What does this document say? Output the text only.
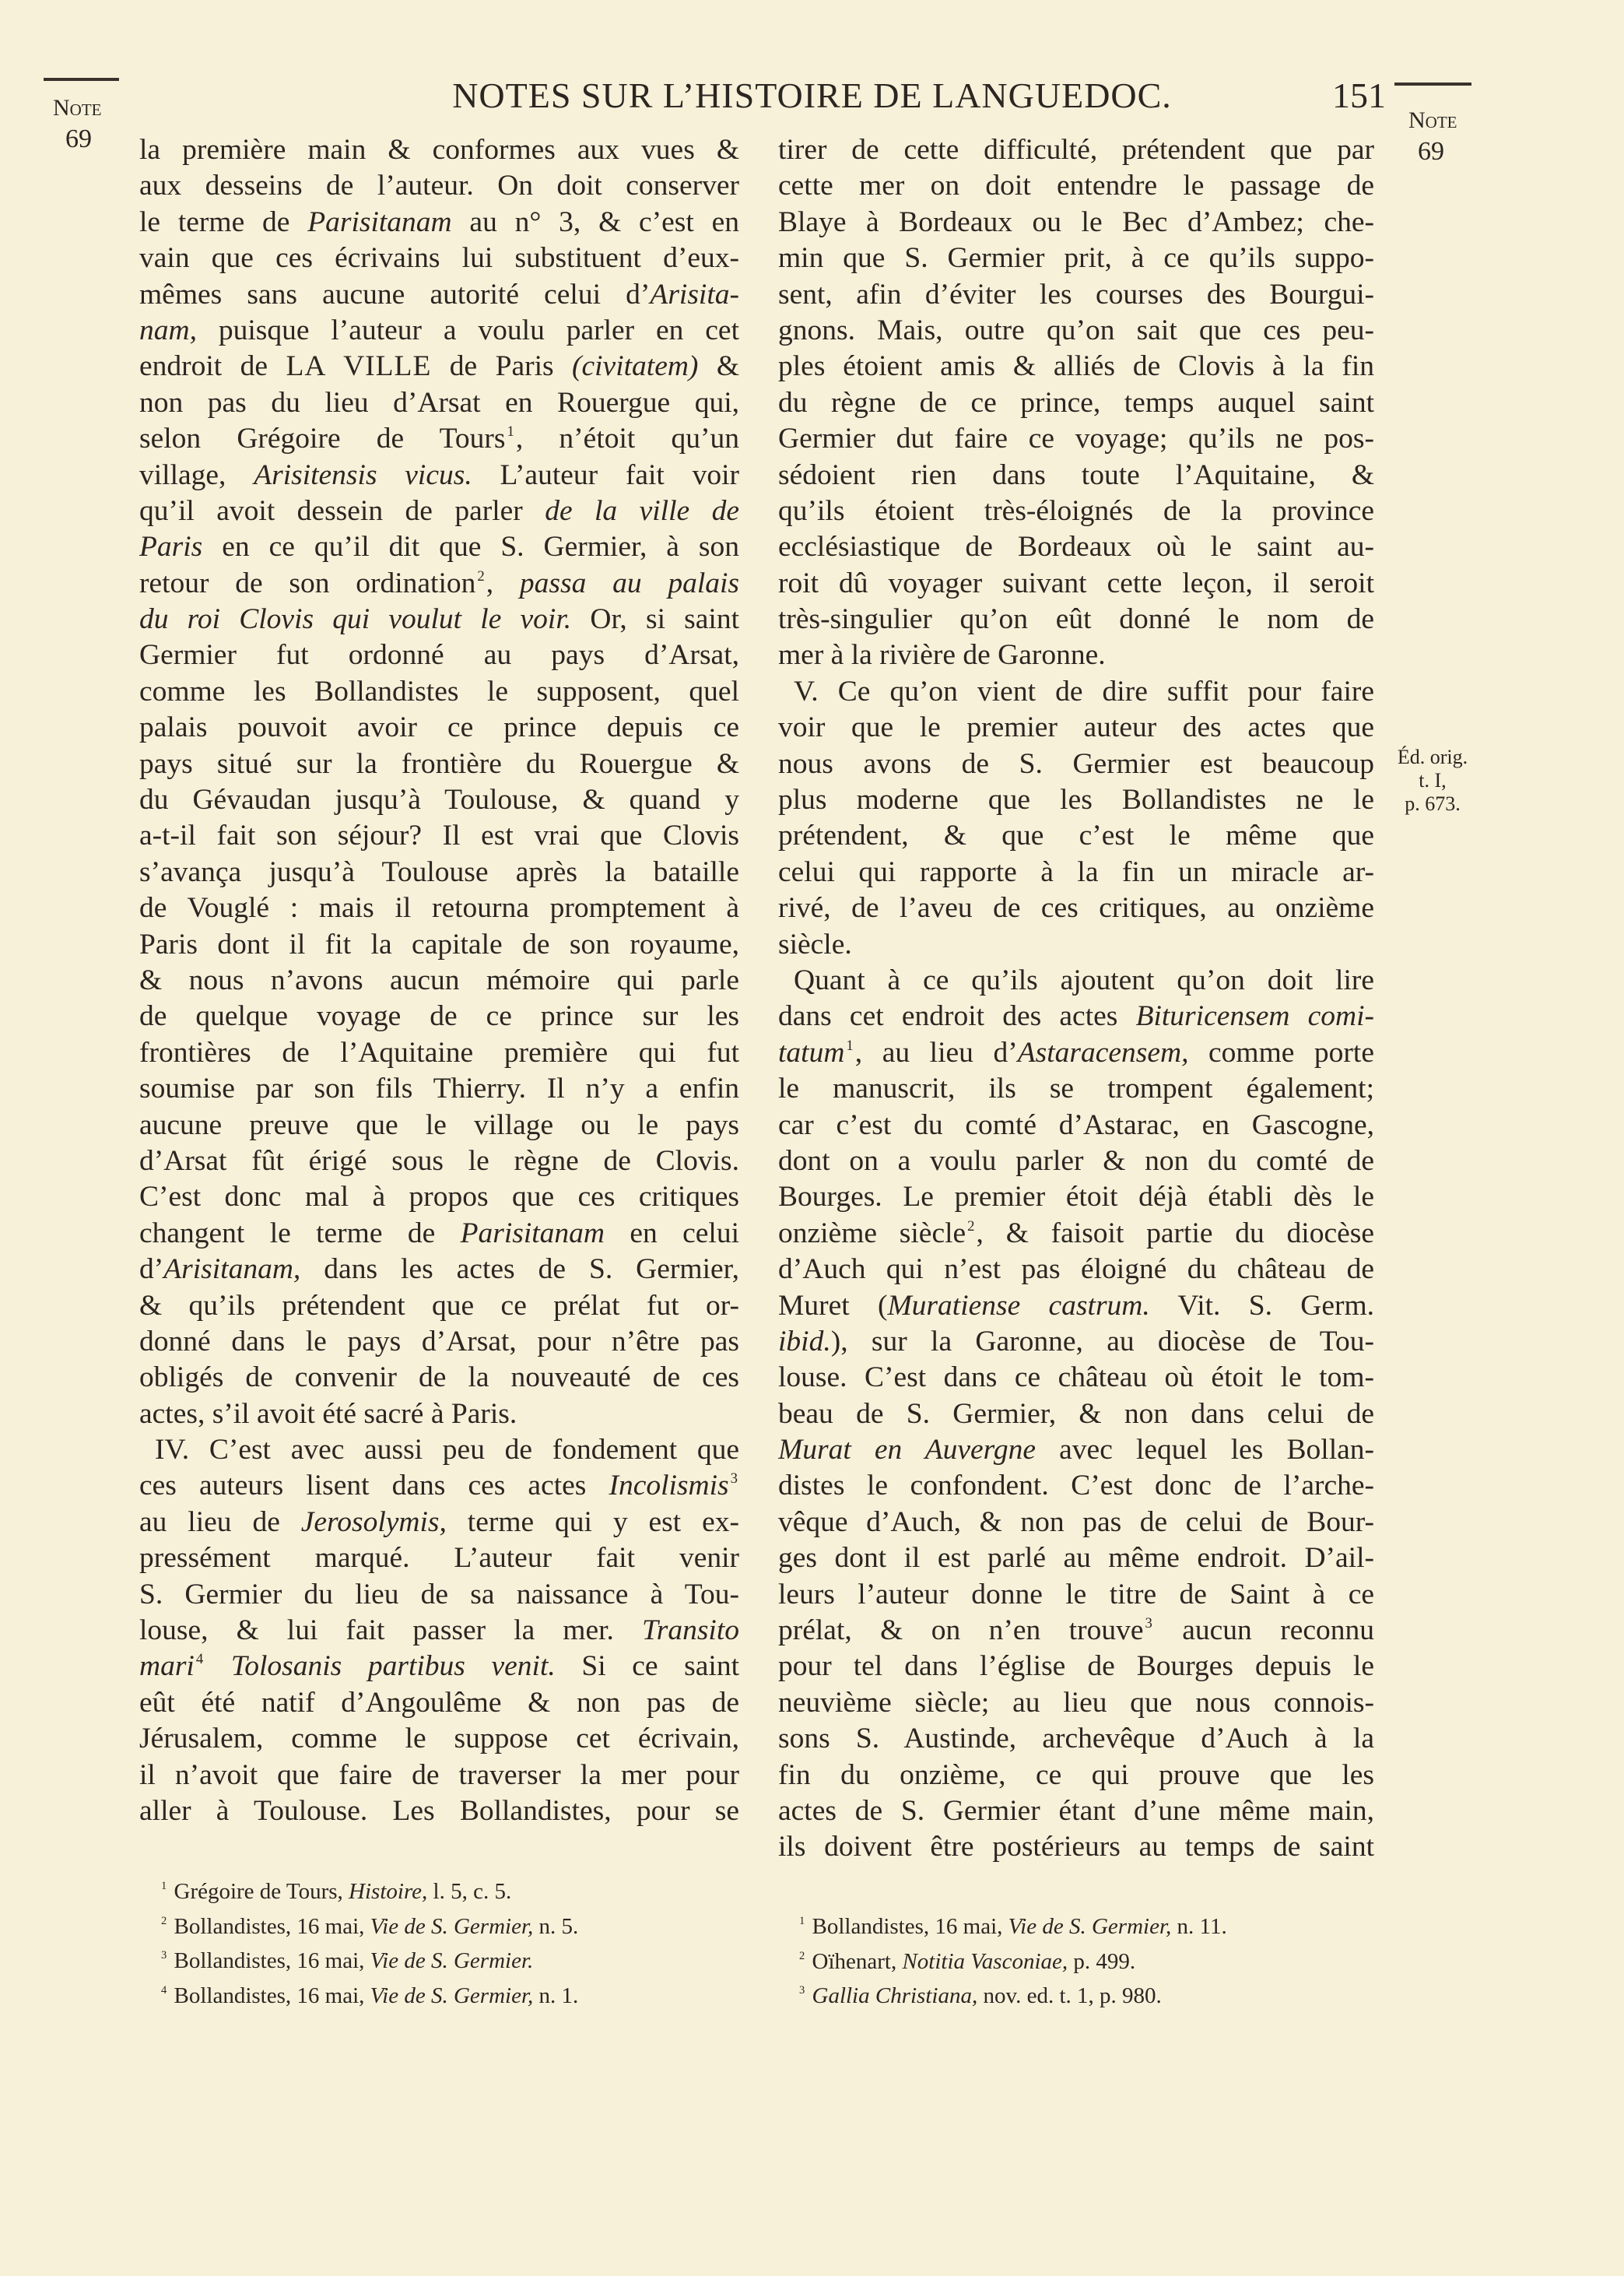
NOTES SUR L’HISTOIRE DE LANGUEDOC.	151
Note
69
Note
69
Éd. orig.
t. I,
p. 673.
la première main & conformes aux vues &
aux desseins de l’auteur. On doit conserver
le terme de Parisitanam au n° 3, & c’est en
vain que ces écrivains lui substituent d’eux-
mêmes sans aucune autorité celui d’Arisita-
nam, puisque l’auteur a voulu parler en cet
endroit de LA VILLE de Paris (civitatem) &
non pas du lieu d’Arsat en Rouergue qui,
selon Grégoire de Tours $^1$, n’étoit qu’un
village, Arisitensis vicus. L’auteur fait voir
qu’il avoit dessein de parler de la ville de
Paris en ce qu’il dit que S. Germier, à son
retour de son ordination $^2$, passa au palais
du roi Clovis qui voulut le voir. Or, si saint
Germier fut ordonné au pays d’Arsat,
comme les Bollandistes le supposent, quel
palais pouvoit avoir ce prince depuis ce
pays situé sur la frontière du Rouergue &
du Gévaudan jusqu’à Toulouse, & quand y
a-t-il fait son séjour? Il est vrai que Clovis
s’avança jusqu’à Toulouse après la bataille
de Vouglé : mais il retourna promptement à
Paris dont il fit la capitale de son royaume,
& nous n’avons aucun mémoire qui parle
de quelque voyage de ce prince sur les
frontières de l’Aquitaine première qui fut
soumise par son fils Thierry. Il n’y a enfin
aucune preuve que le village ou le pays
d’Arsat fût érigé sous le règne de Clovis.
C’est donc mal à propos que ces critiques
changent le terme de Parisitanam en celui
d’Arisitanam, dans les actes de S. Germier,
& qu’ils prétendent que ce prélat fut or-
donné dans le pays d’Arsat, pour n’être pas
obligés de convenir de la nouveauté de ces
actes, s’il avoit été sacré à Paris.
IV. C’est avec aussi peu de fondement que
ces auteurs lisent dans ces actes Incolismis $^3$
au lieu de Jerosolymis, terme qui y est ex-
pressément marqué. L’auteur fait venir
S. Germier du lieu de sa naissance à Tou-
louse, & lui fait passer la mer. Transito
mari $^4$ Tolosanis partibus venit. Si ce saint
eût été natif d’Angoulême & non pas de
Jérusalem, comme le suppose cet écrivain,
il n’avoit que faire de traverser la mer pour
aller à Toulouse. Les Bollandistes, pour se
tirer de cette difficulté, prétendent que par
cette mer on doit entendre le passage de
Blaye à Bordeaux ou le Bec d’Ambez; che-
min que S. Germier prit, à ce qu’ils suppo-
sent, afin d’éviter les courses des Bourgui-
gnons. Mais, outre qu’on sait que ces peu-
ples étoient amis & alliés de Clovis à la fin
du règne de ce prince, temps auquel saint
Germier dut faire ce voyage; qu’ils ne pos-
sédoient rien dans toute l’Aquitaine, &
qu’ils étoient très-éloignés de la province
ecclésiastique de Bordeaux où le saint au-
roit dû voyager suivant cette leçon, il seroit
très-singulier qu’on eût donné le nom de
mer à la rivière de Garonne.
V. Ce qu’on vient de dire suffit pour faire
voir que le premier auteur des actes que
nous avons de S. Germier est beaucoup
plus moderne que les Bollandistes ne le
prétendent, & que c’est le même que
celui qui rapporte à la fin un miracle ar-
rivé, de l’aveu de ces critiques, au onzième
siècle.
Quant à ce qu’ils ajoutent qu’on doit lire
dans cet endroit des actes Bituricensem comi-
tatum $^1$, au lieu d’Astaracensem, comme porte
le manuscrit, ils se trompent également;
car c’est du comté d’Astarac, en Gascogne,
dont on a voulu parler & non du comté de
Bourges. Le premier étoit déjà établi dès le
onzième siècle $^2$, & faisoit partie du diocèse
d’Auch qui n’est pas éloigné du château de
Muret (Muratiense castrum. Vit. S. Germ.
ibid.), sur la Garonne, au diocèse de Tou-
louse. C’est dans ce château où étoit le tom-
beau de S. Germier, & non dans celui de
Murat en Auvergne avec lequel les Bollan-
distes le confondent. C’est donc de l’arche-
vêque d’Auch, & non pas de celui de Bour-
ges dont il est parlé au même endroit. D’ail-
leurs l’auteur donne le titre de Saint à ce
prélat, & on n’en trouve $^3$ aucun reconnu
pour tel dans l’église de Bourges depuis le
neuvième siècle; au lieu que nous connois-
sons S. Austinde, archevêque d’Auch à la
fin du onzième, ce qui prouve que les
actes de S. Germier étant d’une même main,
ils doivent être postérieurs au temps de saint
$^1$ Grégoire de Tours, Histoire, l. 5, c. 5.
$^2$ Bollandistes, 16 mai, Vie de S. Germier, n. 5.
$^3$ Bollandistes, 16 mai, Vie de S. Germier.
$^4$ Bollandistes, 16 mai, Vie de S. Germier, n. 1.
$^1$ Bollandistes, 16 mai, Vie de S. Germier, n. 11.
$^2$ Oïhenart, Notitia Vasconiae, p. 499.
$^3$ Gallia Christiana, nov. ed. t. 1, p. 980.
